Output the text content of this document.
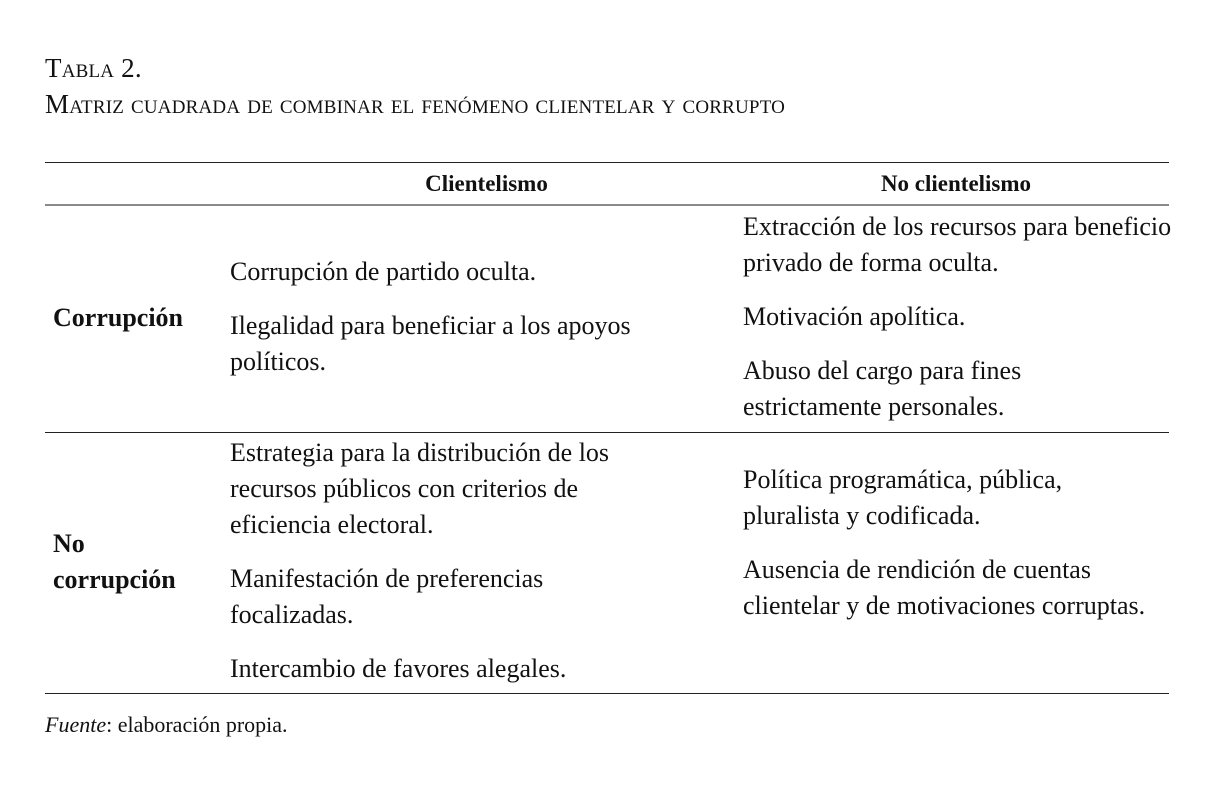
Tabla 2.
Matriz cuadrada de combinar el fenómeno clientelar y corrupto
Clientelismo	No clientelismo
Corrupción

Corrupción de partido oculta.

Ilegalidad para beneficiar a los apoyos políticos.

Extracción de los recursos para beneficio privado de forma oculta.

Motivación apolítica.

Abuso del cargo para fines estrictamente personales.

No corrupción

Estrategia para la distribución de los recursos públicos con criterios de eficiencia electoral.

Manifestación de preferencias focalizadas.

Intercambio de favores alegales.

Política programática, pública, pluralista y codificada.

Ausencia de rendición de cuentas clientelar y de motivaciones corruptas.

Fuente: elaboración propia.
